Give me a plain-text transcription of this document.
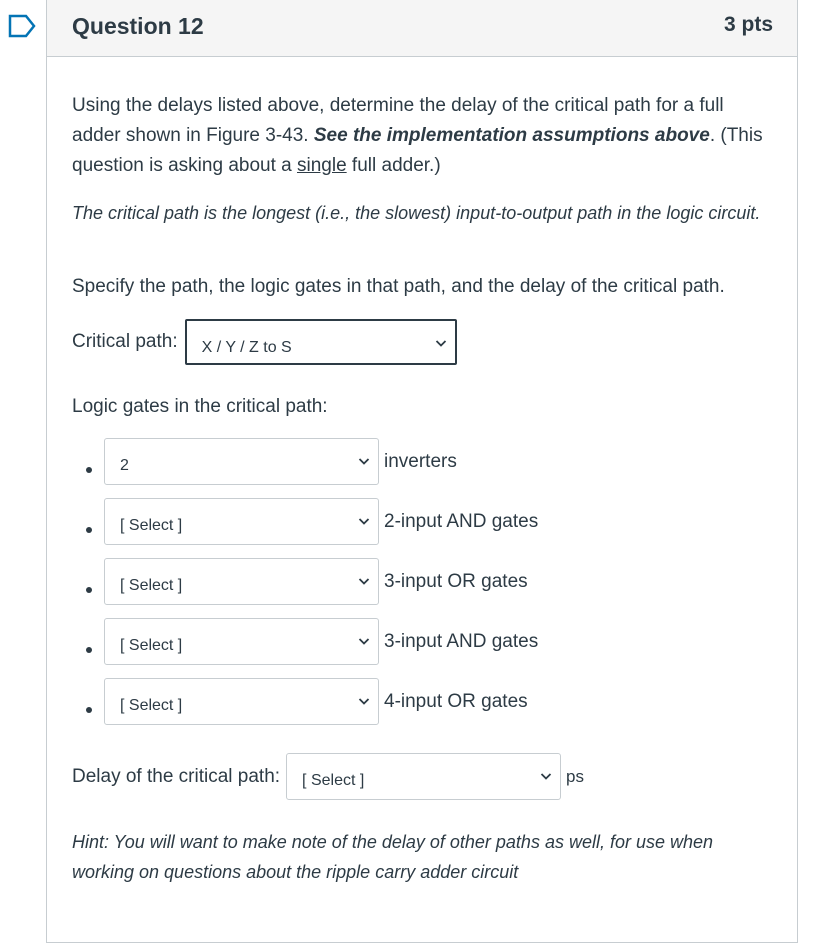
Question 12	3 pts
Using the delays listed above, determine the delay of the critical path for a full adder shown in Figure 3-43. See the implementation assumptions above. (This question is asking about a single full adder.)
The critical path is the longest (i.e., the slowest) input-to-output path in the logic circuit.
Specify the path, the logic gates in that path, and the delay of the critical path.
Critical path: X / Y / Z to S
Logic gates in the critical path:
2	inverters
[ Select ]	2-input AND gates
[ Select ]	3-input OR gates
[ Select ]	3-input AND gates
[ Select ]	4-input OR gates
Delay of the critical path: [ Select ]	ps
Hint: You will want to make note of the delay of other paths as well, for use when working on questions about the ripple carry adder circuit
